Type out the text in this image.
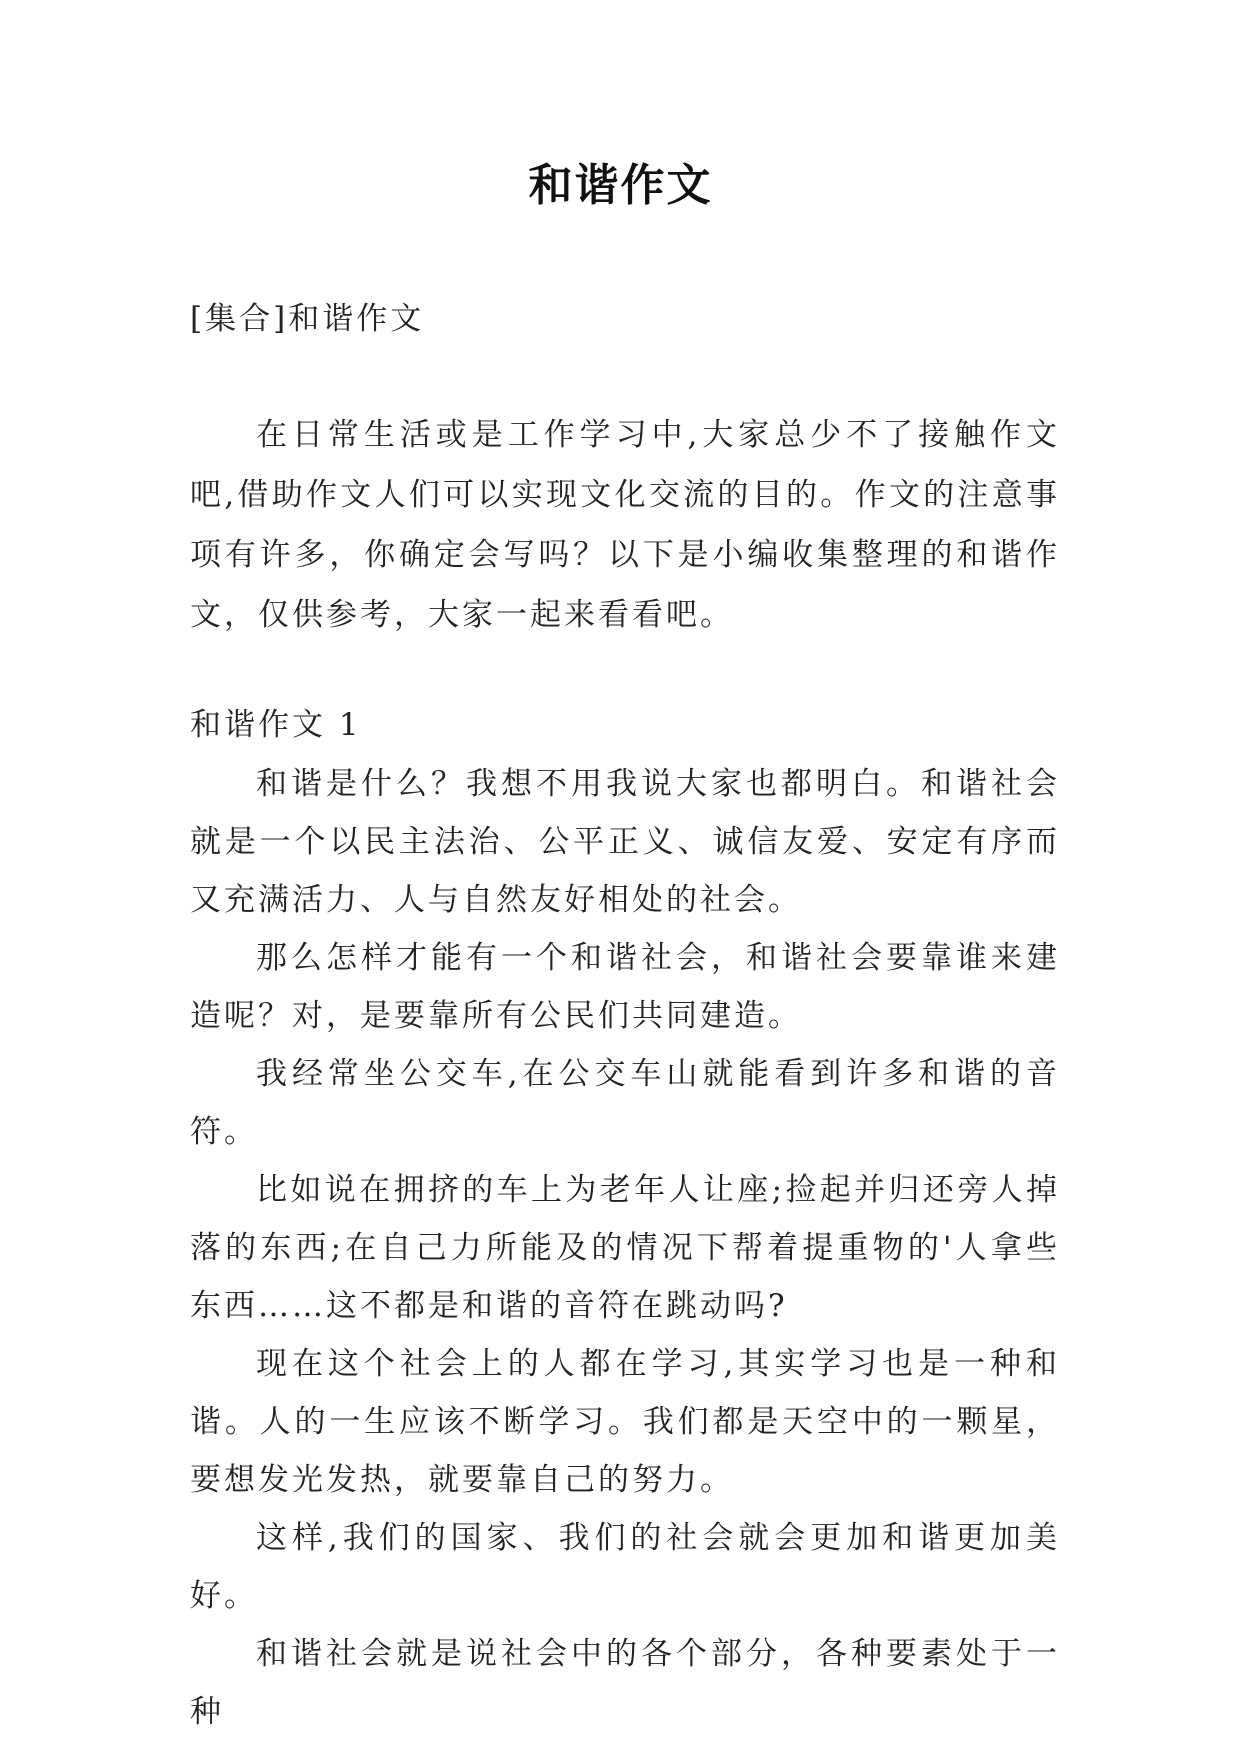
和谐作文
[集合]和谐作文
在日常生活或是工作学习中,大家总少不了接触作文吧,借助作文人们可以实现文化交流的目的。作文的注意事项有许多，你确定会写吗？以下是小编收集整理的和谐作文，仅供参考，大家一起来看看吧。
和谐作文 1

和谐是什么？我想不用我说大家也都明白。和谐社会就是一个以民主法治、公平正义、诚信友爱、安定有序而又充满活力、人与自然友好相处的社会。

那么怎样才能有一个和谐社会，和谐社会要靠谁来建造呢？对，是要靠所有公民们共同建造。

我经常坐公交车,在公交车山就能看到许多和谐的音符。

比如说在拥挤的车上为老年人让座;捡起并归还旁人掉落的东西;在自己力所能及的情况下帮着提重物的'人拿些东西……这不都是和谐的音符在跳动吗?

现在这个社会上的人都在学习,其实学习也是一种和谐。人的一生应该不断学习。我们都是天空中的一颗星，要想发光发热，就要靠自己的努力。

这样,我们的国家、我们的社会就会更加和谐更加美好。

和谐社会就是说社会中的各个部分，各种要素处于一种
